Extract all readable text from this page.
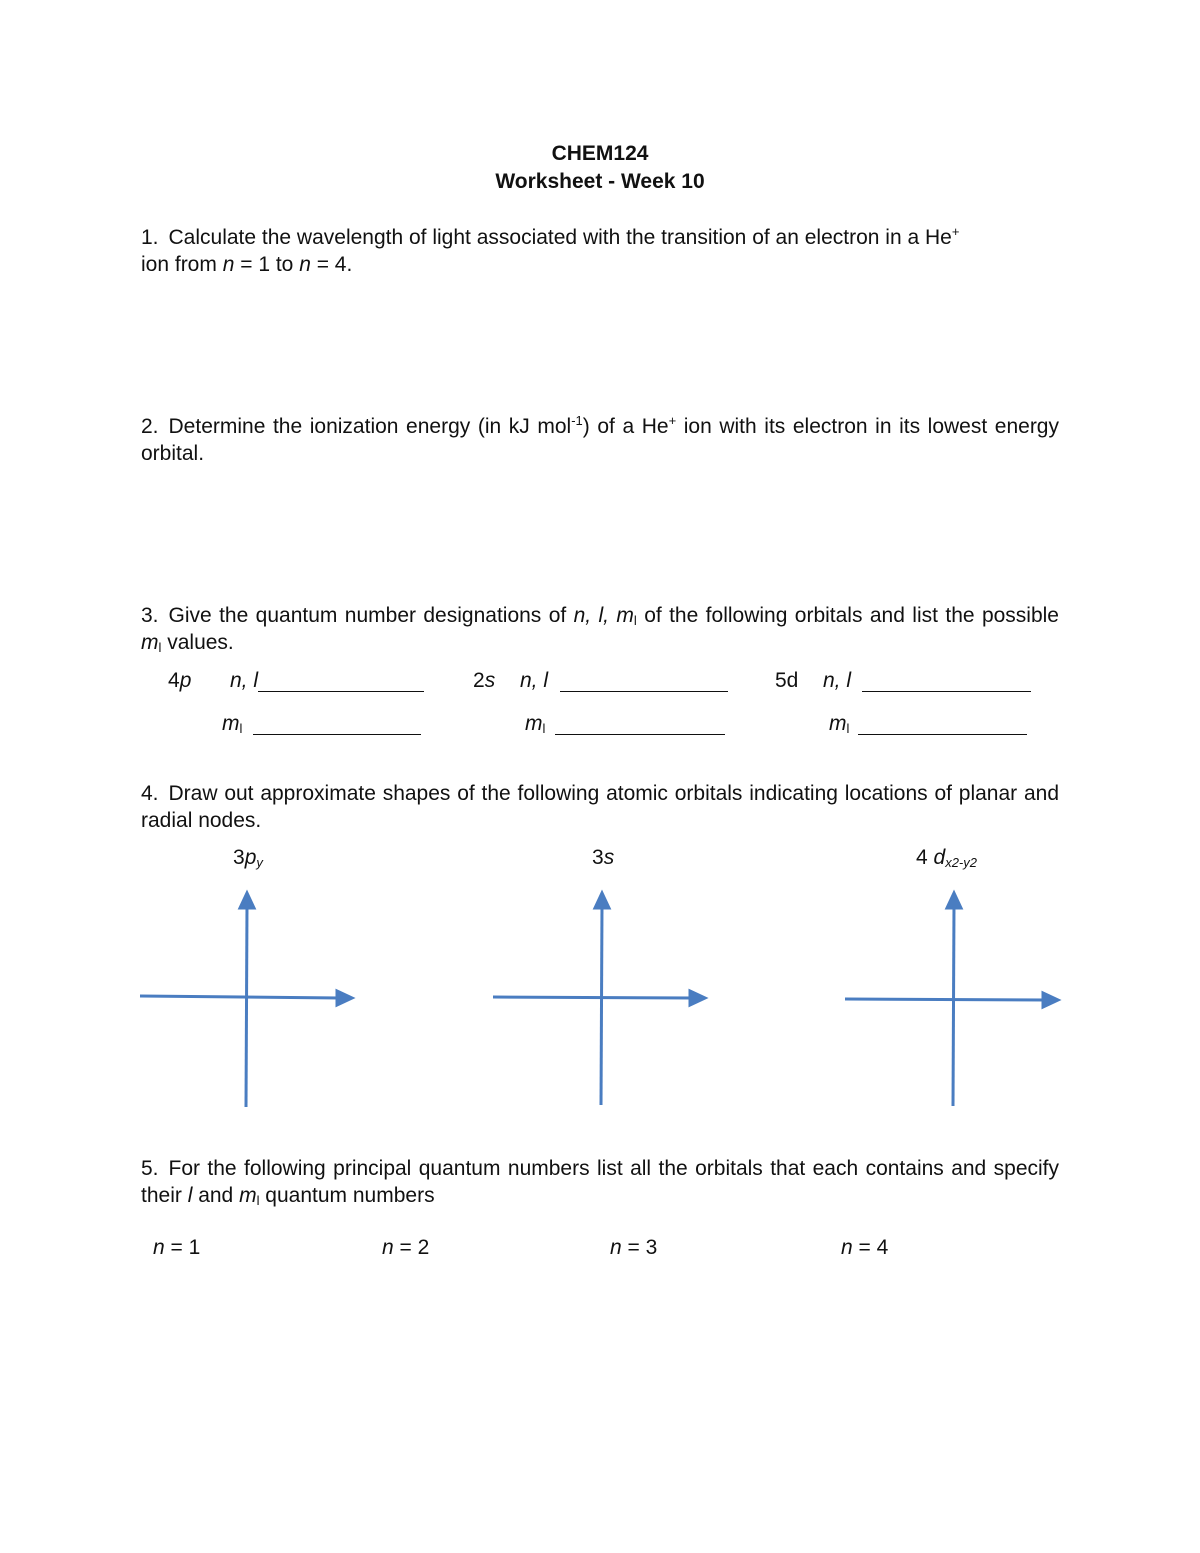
CHEM124
Worksheet - Week 10
1. Calculate the wavelength of light associated with the transition of an electron in a He+
ion from n = 1 to n = 4.
2. Determine the ionization energy (in kJ mol$^{-1}$) of a He+ ion with its electron in its lowest energy orbital.
3. Give the quantum number designations of n, l, $m_l$ of the following orbitals and list the possible $m_l$ values.
4p n, l
$m_l$
2s n, l
$m_l$
5d n, l
$m_l$
4. Draw out approximate shapes of the following atomic orbitals indicating locations of planar and radial nodes.
$3p_y$	3s	4 $d_{x2-y2}$
5. For the following principal quantum numbers list all the orbitals that each contains and specify their l and $m_l$ quantum numbers
n = 1	n = 2	n = 3	n = 4
